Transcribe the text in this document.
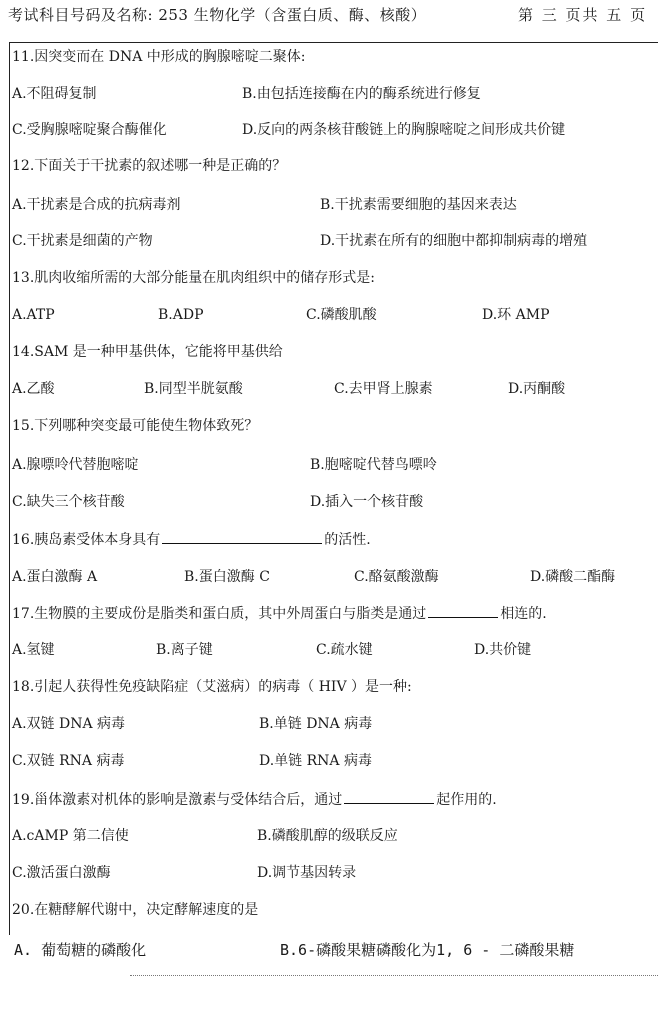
考试科目号码及名称: 253 生物化学（含蛋白质、酶、核酸）	第 三 页共 五 页
11.因突变而在 DNA 中形成的胸腺嘧啶二聚体:
A.不阻碍复制	B.由包括连接酶在内的酶系统进行修复
C.受胸腺嘧啶聚合酶催化	D.反向的两条核苷酸链上的胸腺嘧啶之间形成共价键
12.下面关于干扰素的叙述哪一种是正确的？
A.干扰素是合成的抗病毒剂	B.干扰素需要细胞的基因来表达
C.干扰素是细菌的产物	D.干扰素在所有的细胞中都抑制病毒的增殖
13.肌肉收缩所需的大部分能量在肌肉组织中的储存形式是:
A.ATP	B.ADP	C.磷酸肌酸	D.环 AMP
14.SAM 是一种甲基供体，它能将甲基供给
A.乙酸	B.同型半胱氨酸	C.去甲肾上腺素	D.丙酮酸
15.下列哪种突变最可能使生物体致死？
A.腺嘌呤代替胞嘧啶	B.胞嘧啶代替鸟嘌呤
C.缺失三个核苷酸	D.插入一个核苷酸
16.胰岛素受体本身具有	的活性.
A.蛋白激酶 A	B.蛋白激酶 C	C.酪氨酸激酶	D.磷酸二酯酶
17.生物膜的主要成份是脂类和蛋白质，其中外周蛋白与脂类是通过	相连的.
A.氢键	B.离子键	C.疏水键	D.共价键
18.引起人获得性免疫缺陷症（艾滋病）的病毒（ HIV ）是一种:
A.双链 DNA 病毒	B.单链 DNA 病毒
C.双链 RNA 病毒	D.单链 RNA 病毒
19.甾体激素对机体的影响是激素与受体结合后，通过	起作用的.
A.cAMP 第二信使	B.磷酸肌醇的级联反应
C.激活蛋白激酶	D.调节基因转录
20.在糖酵解代谢中，决定酵解速度的是
A. 葡萄糖的磷酸化	B.6-磷酸果糖磷酸化为1, 6 - 二磷酸果糖
